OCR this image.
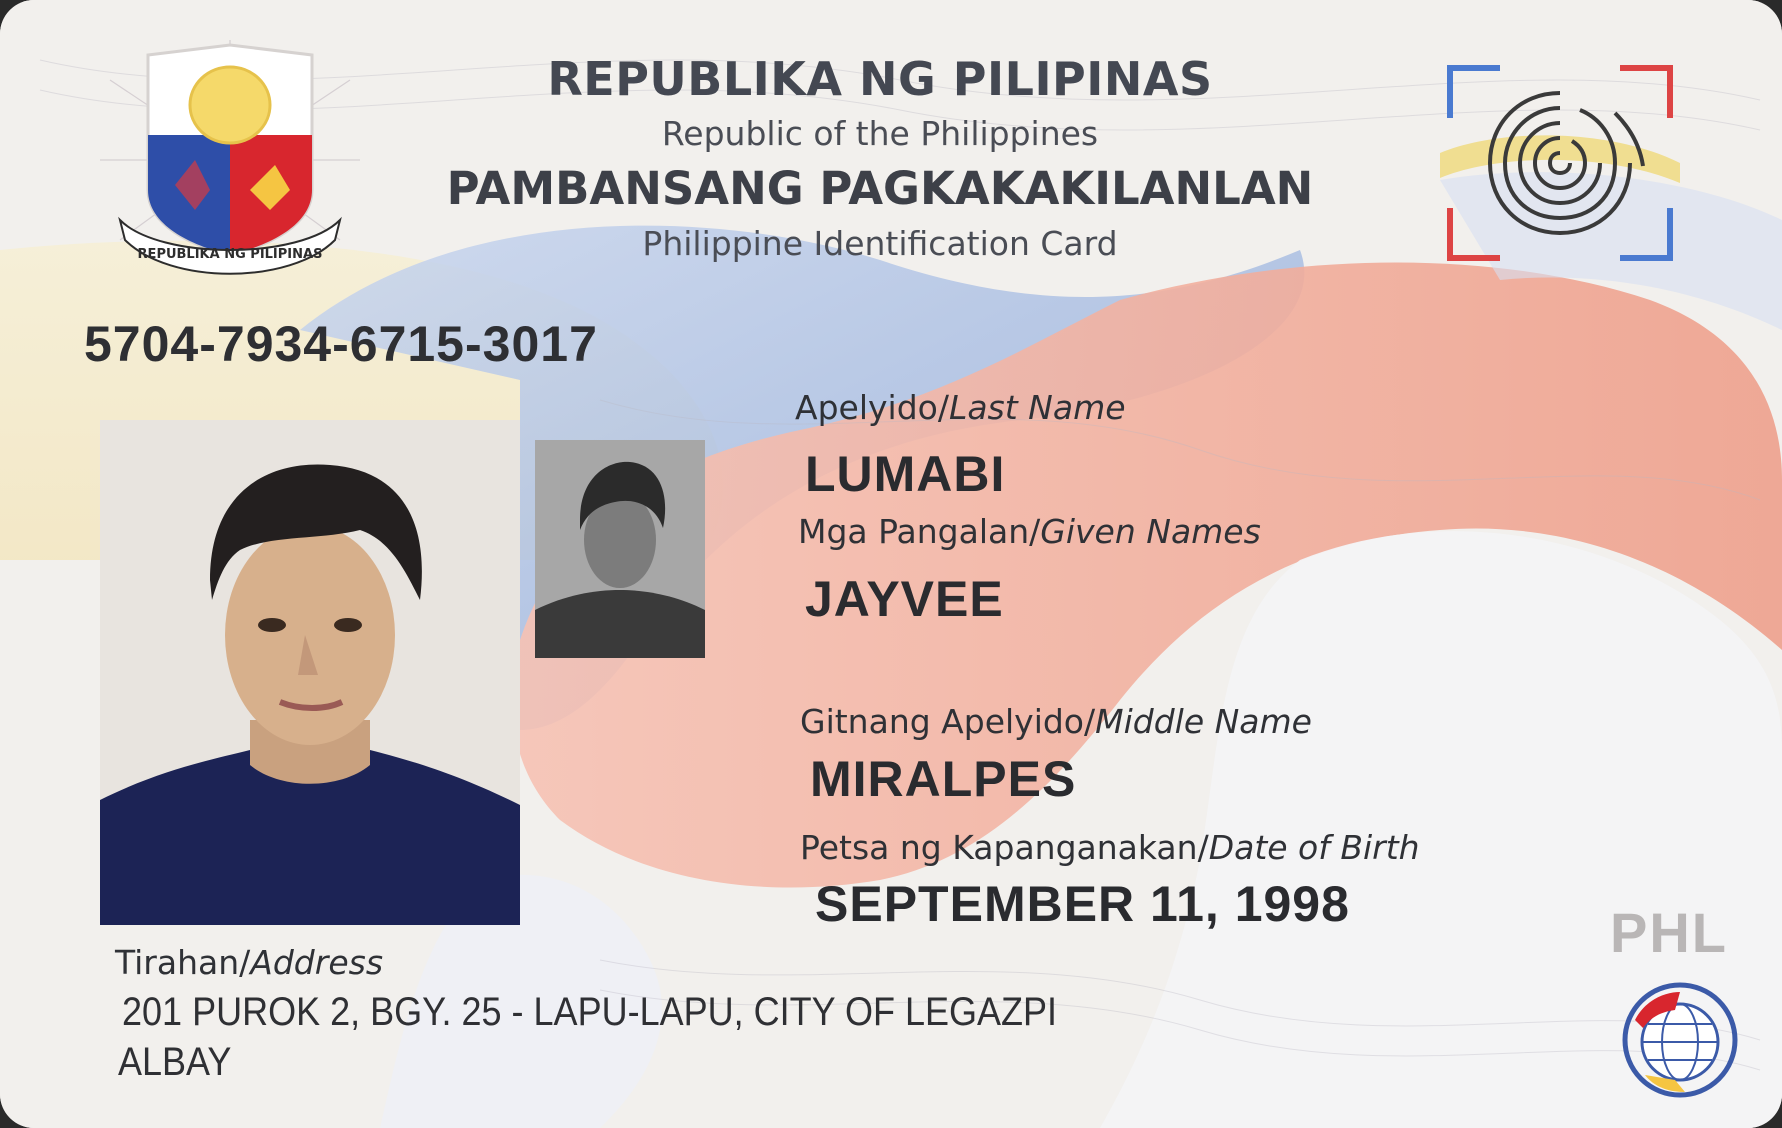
REPUBLIKA NG PILIPINAS
REPUBLIKA NG PILIPINAS
Republic of the Philippines
PAMBANSANG PAGKAKAKILANLAN
Philippine Identification Card
5704-7934-6715-3017
Apelyido/Last Name
LUMABI
Mga Pangalan/Given Names
JAYVEE
Gitnang Apelyido/Middle Name
MIRALPES
Petsa ng Kapanganakan/Date of Birth
SEPTEMBER 11, 1998
Tirahan/Address
201 PUROK 2, BGY. 25 - LAPU-LAPU, CITY OF LEGAZPI
ALBAY
PHL
